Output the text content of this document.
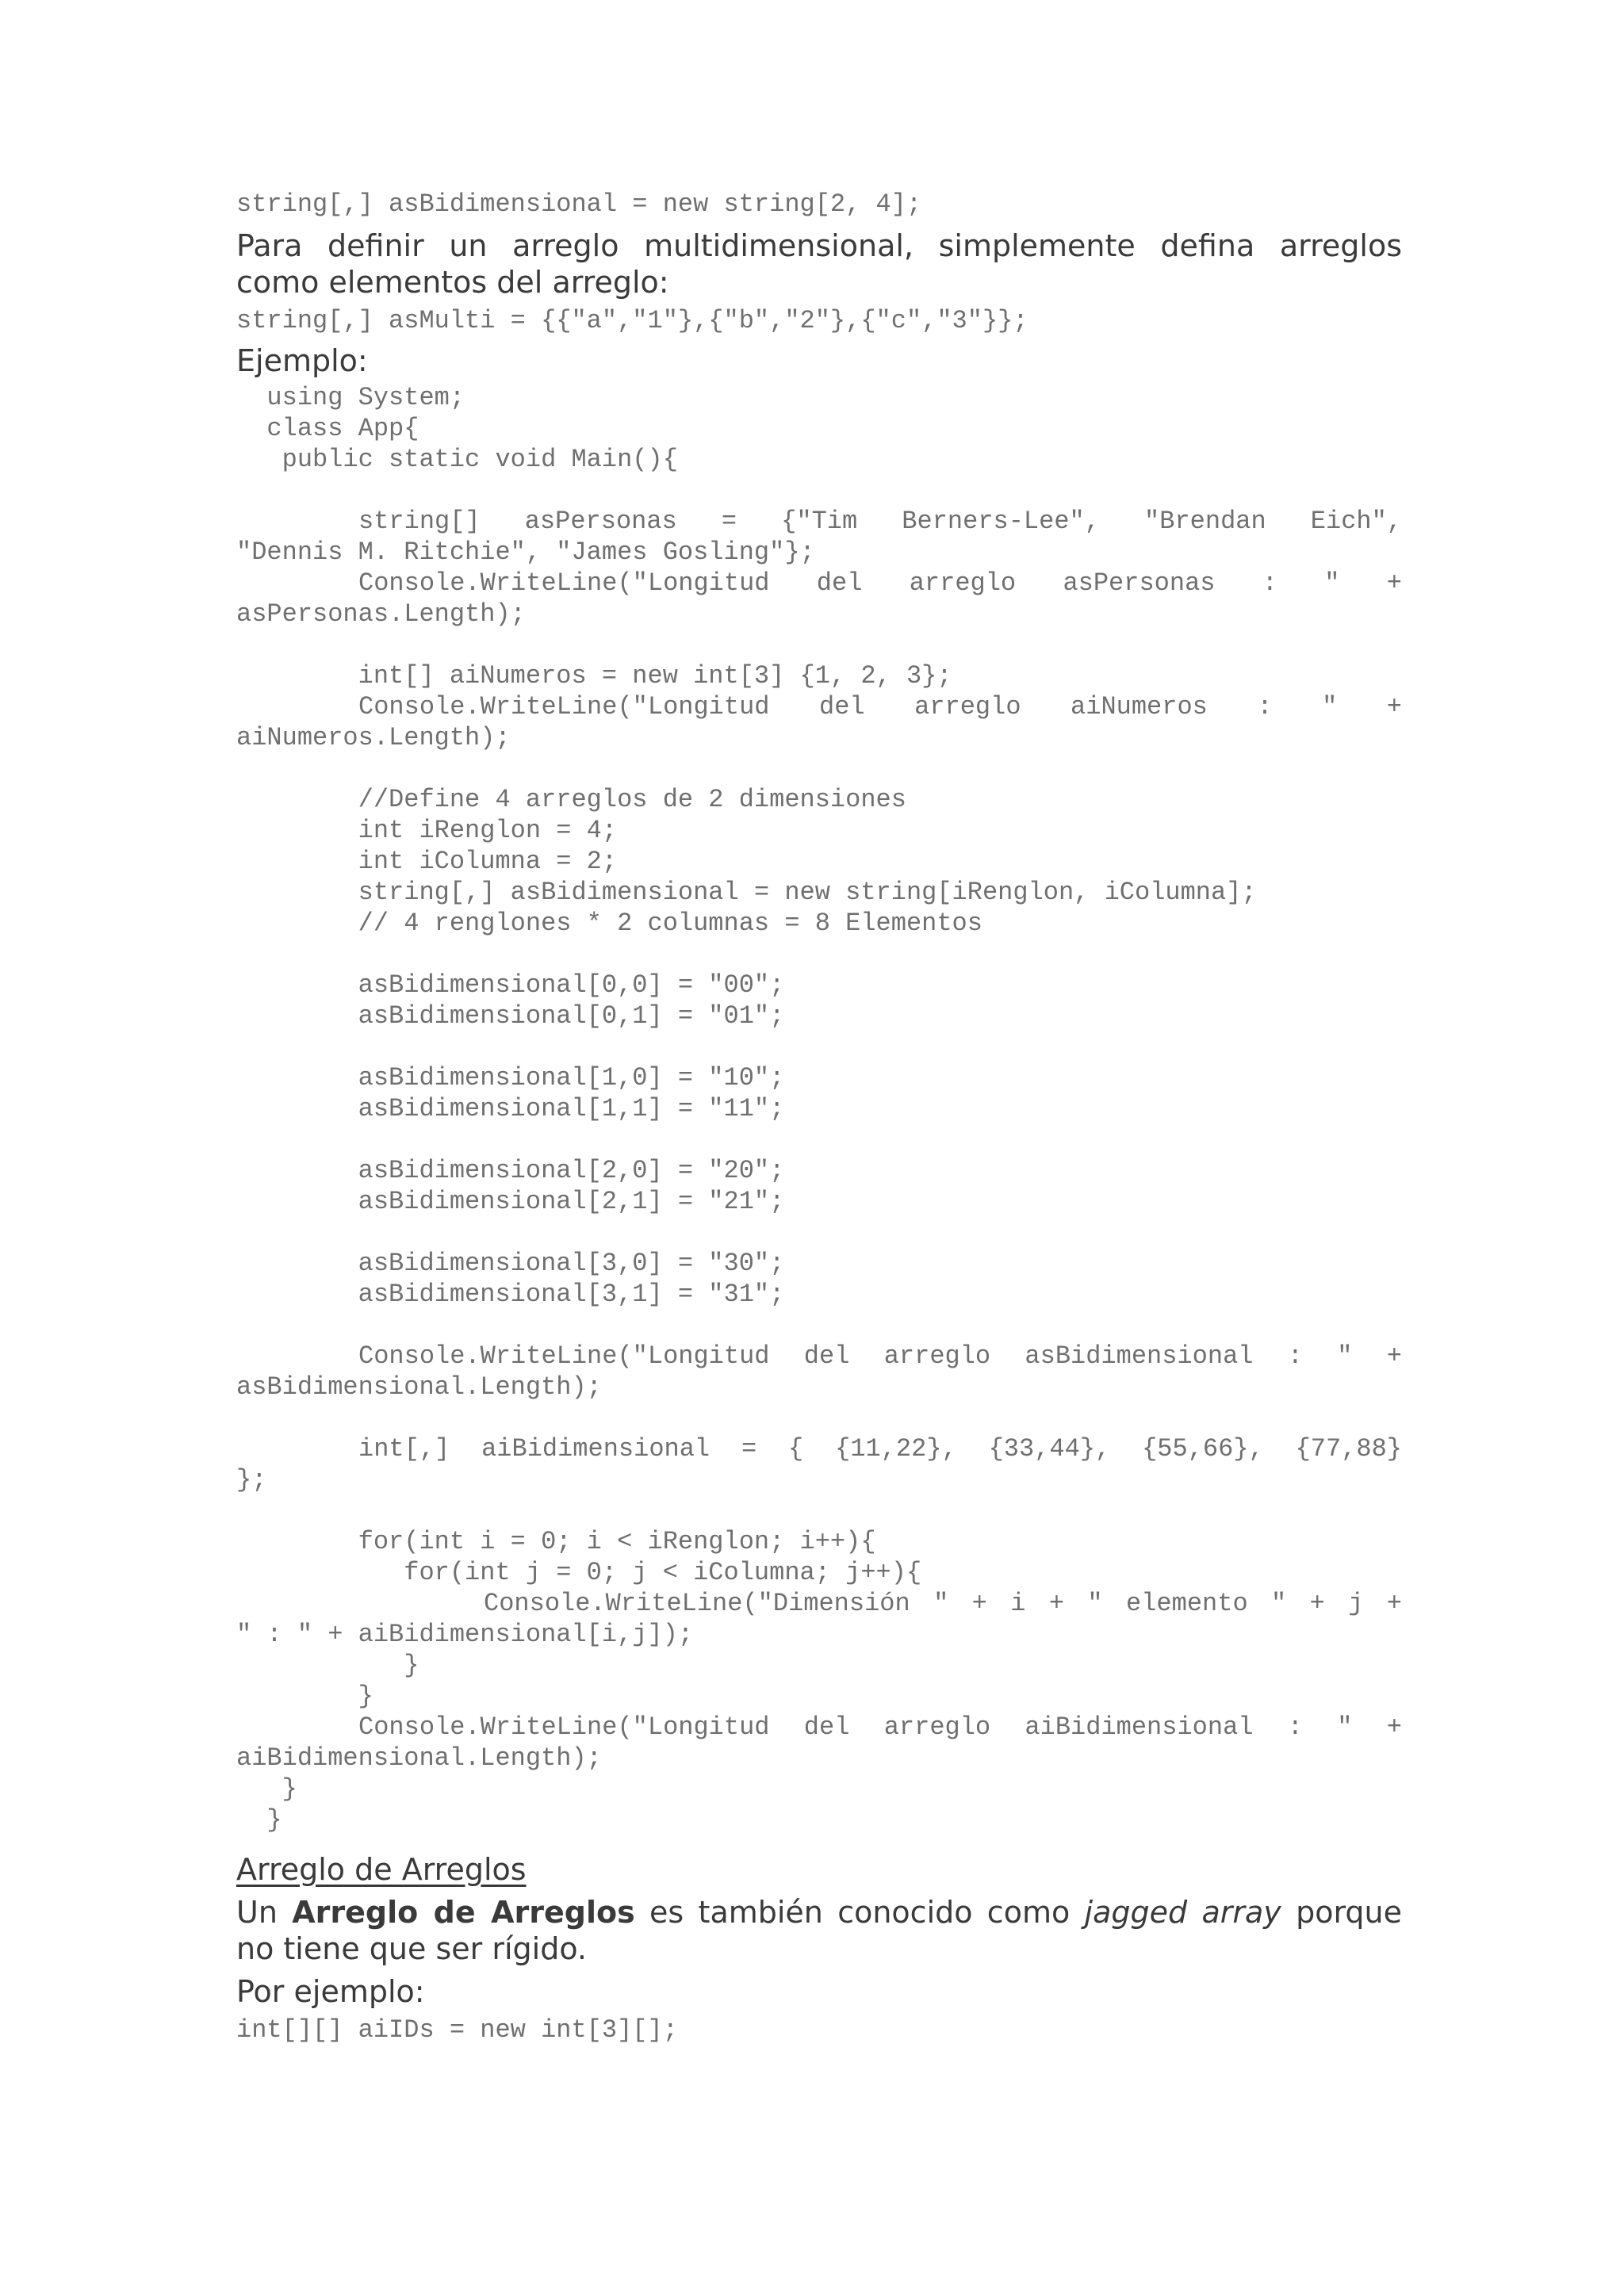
string[,] asBidimensional = new string[2, 4];

Para definir un arreglo multidimensional, simplemente defina arreglos
como elementos del arreglo:

string[,] asMulti = {{"a","1"},{"b","2"},{"c","3"}};

Ejemplo:

using System;

class App{

public static void Main(){

string[] asPersonas = {"Tim Berners-Lee", "Brendan Eich",

"Dennis M. Ritchie", "James Gosling"};

Console.WriteLine("Longitud del arreglo asPersonas : " +

asPersonas.Length);

int[] aiNumeros = new int[3] {1, 2, 3};

Console.WriteLine("Longitud del arreglo aiNumeros : " +

aiNumeros.Length);

//Define 4 arreglos de 2 dimensiones

int iRenglon = 4;

int iColumna = 2;

string[,] asBidimensional = new string[iRenglon, iColumna];

// 4 renglones * 2 columnas = 8 Elementos

asBidimensional[0,0] = "00";

asBidimensional[0,1] = "01";

asBidimensional[1,0] = "10";

asBidimensional[1,1] = "11";

asBidimensional[2,0] = "20";

asBidimensional[2,1] = "21";

asBidimensional[3,0] = "30";

asBidimensional[3,1] = "31";

Console.WriteLine("Longitud del arreglo asBidimensional : " +

asBidimensional.Length);

int[,] aiBidimensional = { {11,22}, {33,44}, {55,66}, {77,88}

};

for(int i = 0; i < iRenglon; i++){

for(int j = 0; j < iColumna; j++){

Console.WriteLine("Dimensión " + i + " elemento " + j +

" : " + aiBidimensional[i,j]);

}

}

Console.WriteLine("Longitud del arreglo aiBidimensional : " +

aiBidimensional.Length);

}

}

Arreglo de Arreglos

Un Arreglo de Arreglos es también conocido como jagged array porque
no tiene que ser rígido.

Por ejemplo:

int[][] aiIDs = new int[3][];
